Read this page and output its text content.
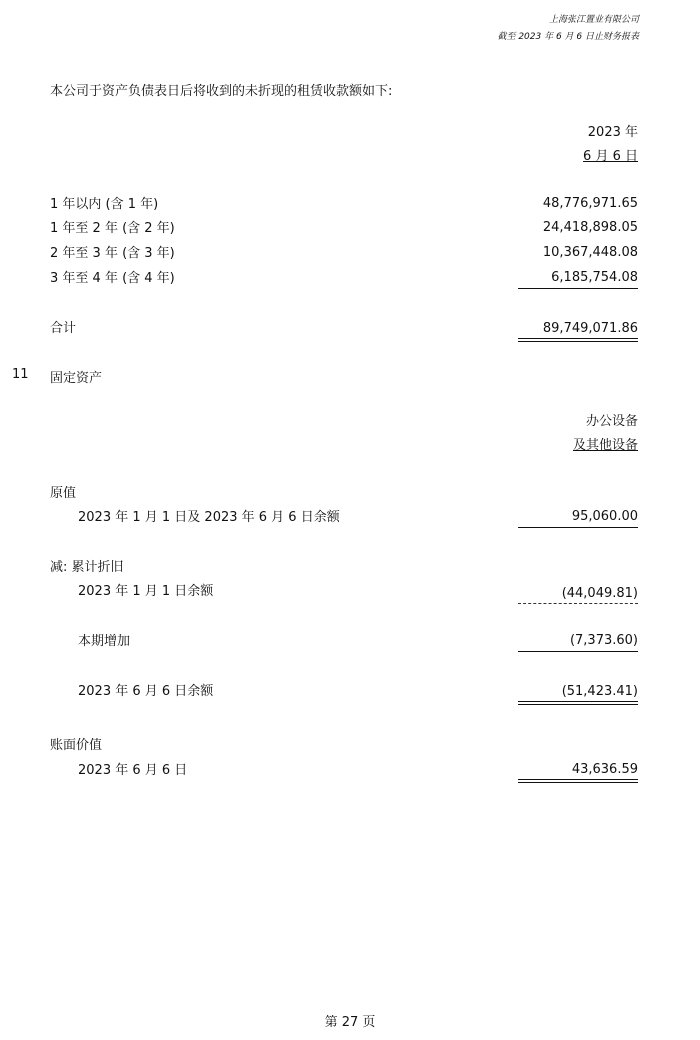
上海张江置业有限公司
截至 2023 年 6 月 6 日止财务报表
本公司于资产负债表日后将收到的未折现的租赁收款额如下:
2023 年
6 月 6 日
1 年以内 (含 1 年)	48,776,971.65
1 年至 2 年 (含 2 年)	24,418,898.05
2 年至 3 年 (含 3 年)	10,367,448.08
3 年至 4 年 (含 4 年)	6,185,754.08
合计	89,749,071.86
11 固定资产
办公设备
及其他设备
原值
2023 年 1 月 1 日及 2023 年 6 月 6 日余额	95,060.00
减: 累计折旧
2023 年 1 月 1 日余额	(44,049.81)
本期增加	(7,373.60)
2023 年 6 月 6 日余额	(51,423.41)
账面价值
2023 年 6 月 6 日	43,636.59
第 27 页
